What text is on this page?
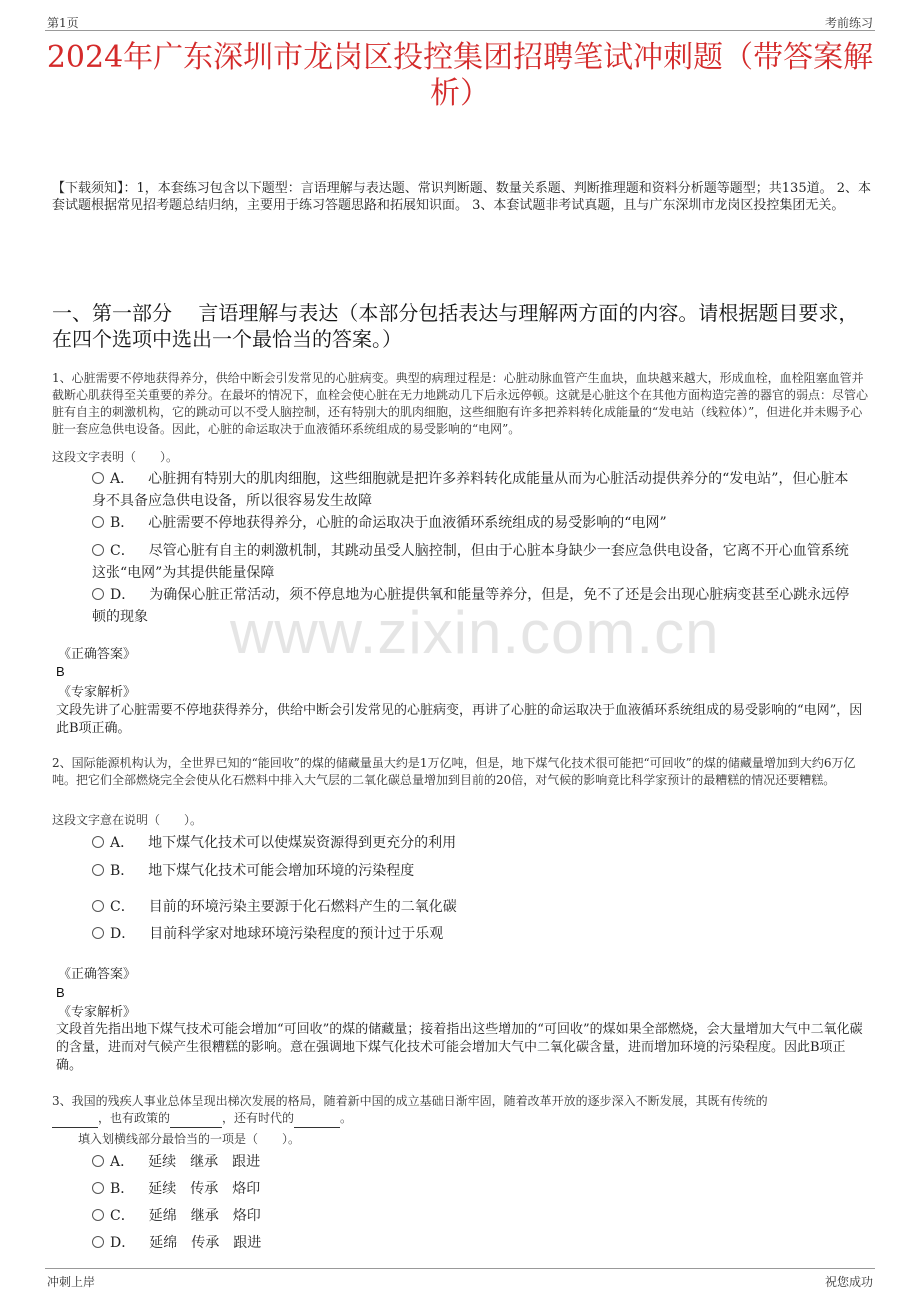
第1页	考前练习
2024年广东深圳市龙岗区投控集团招聘笔试冲刺题（带答案解析）
【下载须知】：1，本套练习包含以下题型：言语理解与表达题、常识判断题、数量关系题、判断推理题和资料分析题等题型；共135道。 2、本套试题根据常见招考题总结归纳，主要用于练习答题思路和拓展知识面。 3、本套试题非考试真题，且与广东深圳市龙岗区投控集团无关。
一、第一部分　 言语理解与表达（本部分包括表达与理解两方面的内容。请根据题目要求，在四个选项中选出一个最恰当的答案。）
www.zixin.com.cn
1、心脏需要不停地获得养分，供给中断会引发常见的心脏病变。典型的病理过程是：心脏动脉血管产生血块，血块越来越大，形成血栓，血栓阻塞血管并截断心肌获得至关重要的养分。在最坏的情况下，血栓会使心脏在无力地跳动几下后永远停顿。这就是心脏这个在其他方面构造完善的器官的弱点：尽管心脏有自主的刺激机构，它的跳动可以不受人脑控制，还有特别大的肌肉细胞，这些细胞有许多把养料转化成能量的“发电站（线粒体）”，但进化并未赐予心脏一套应急供电设备。因此，心脏的命运取决于血液循环系统组成的易受影响的“电网”。
这段文字表明（　　）。
A． 心脏拥有特别大的肌肉细胞，这些细胞就是把许多养料转化成能量从而为心脏活动提供养分的“发电站”，但心脏本身不具备应急供电设备，所以很容易发生故障
B． 心脏需要不停地获得养分，心脏的命运取决于血液循环系统组成的易受影响的“电网”
C． 尽管心脏有自主的刺激机制，其跳动虽受人脑控制，但由于心脏本身缺少一套应急供电设备，它离不开心血管系统这张“电网”为其提供能量保障
D． 为确保心脏正常活动，须不停息地为心脏提供氧和能量等养分，但是，免不了还是会出现心脏病变甚至心跳永远停顿的现象
《正确答案》
B
《专家解析》
文段先讲了心脏需要不停地获得养分，供给中断会引发常见的心脏病变，再讲了心脏的命运取决于血液循环系统组成的易受影响的“电网”，因此B项正确。
2、国际能源机构认为，全世界已知的“能回收”的煤的储藏量虽大约是1万亿吨，但是，地下煤气化技术很可能把“可回收”的煤的储藏量增加到大约6万亿吨。把它们全部燃烧完全会使从化石燃料中排入大气层的二氧化碳总量增加到目前的20倍，对气候的影响竟比科学家预计的最糟糕的情况还要糟糕。
这段文字意在说明（　　）。
A． 地下煤气化技术可以使煤炭资源得到更充分的利用
B． 地下煤气化技术可能会增加环境的污染程度
C． 目前的环境污染主要源于化石燃料产生的二氧化碳
D． 目前科学家对地球环境污染程度的预计过于乐观
《正确答案》
B
《专家解析》
文段首先指出地下煤气技术可能会增加“可回收”的煤的储藏量；接着指出这些增加的“可回收”的煤如果全部燃烧，会大量增加大气中二氧化碳的含量，进而对气候产生很糟糕的影响。意在强调地下煤气化技术可能会增加大气中二氧化碳含量，进而增加环境的污染程度。因此B项正确。
3、我国的残疾人事业总体呈现出梯次发展的格局，随着新中国的成立基础日渐牢固，随着改革开放的逐步深入不断发展，其既有传统的
，也有政策的	，还有时代的	。
填入划横线部分最恰当的一项是（　　）。
A． 延续　继承　跟进
B． 延续　传承　烙印
C． 延绵　继承　烙印
D． 延绵　传承　跟进
冲刺上岸	祝您成功
